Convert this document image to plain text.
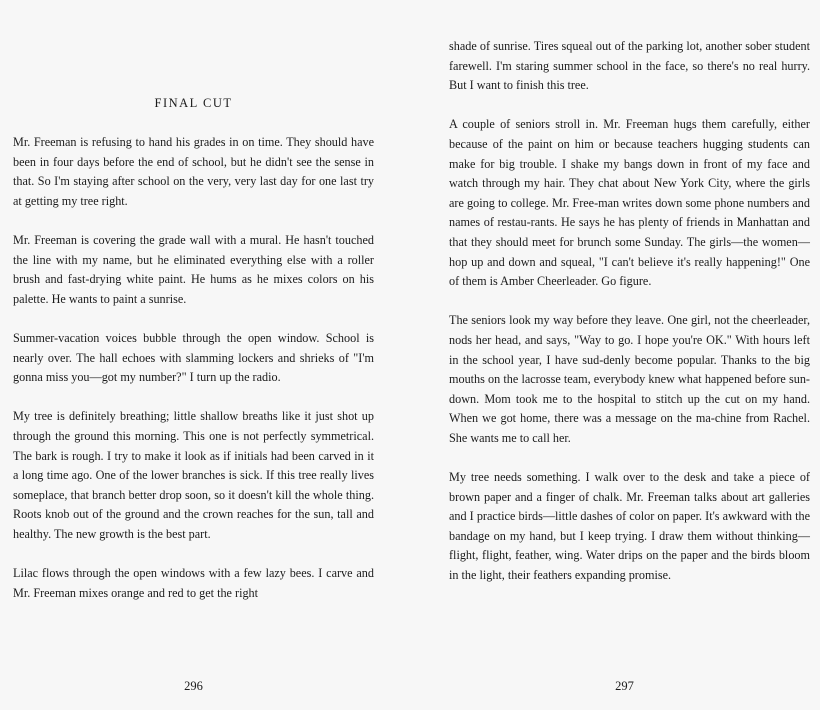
FINAL CUT

Mr. Freeman is refusing to hand his grades in on time. They should have been in four days before the end of school, but he didn't see the sense in that. So I'm staying after school on the very, very last day for one last try at getting my tree right.

Mr. Freeman is covering the grade wall with a mural. He hasn't touched the line with my name, but he eliminated everything else with a roller brush and fast-drying white paint. He hums as he mixes colors on his palette. He wants to paint a sunrise.

Summer-vacation voices bubble through the open window. School is nearly over. The hall echoes with slamming lockers and shrieks of "I'm gonna miss you—got my number?" I turn up the radio.

My tree is definitely breathing; little shallow breaths like it just shot up through the ground this morning. This one is not perfectly symmetrical. The bark is rough. I try to make it look as if initials had been carved in it a long time ago. One of the lower branches is sick. If this tree really lives someplace, that branch better drop soon, so it doesn't kill the whole thing. Roots knob out of the ground and the crown reaches for the sun, tall and healthy. The new growth is the best part.

Lilac flows through the open windows with a few lazy bees. I carve and Mr. Freeman mixes orange and red to get the right

296

shade of sunrise. Tires squeal out of the parking lot, another sober student farewell. I'm staring summer school in the face, so there's no real hurry. But I want to finish this tree.

A couple of seniors stroll in. Mr. Freeman hugs them carefully, either because of the paint on him or because teachers hugging students can make for big trouble. I shake my bangs down in front of my face and watch through my hair. They chat about New York City, where the girls are going to college. Mr. Free-man writes down some phone numbers and names of restau-rants. He says he has plenty of friends in Manhattan and that they should meet for brunch some Sunday. The girls—the women—hop up and down and squeal, "I can't believe it's really happening!" One of them is Amber Cheerleader. Go figure.

The seniors look my way before they leave. One girl, not the cheerleader, nods her head, and says, "Way to go. I hope you're OK." With hours left in the school year, I have sud-denly become popular. Thanks to the big mouths on the lacrosse team, everybody knew what happened before sun-down. Mom took me to the hospital to stitch up the cut on my hand. When we got home, there was a message on the ma-chine from Rachel. She wants me to call her.

My tree needs something. I walk over to the desk and take a piece of brown paper and a finger of chalk. Mr. Freeman talks about art galleries and I practice birds—little dashes of color on paper. It's awkward with the bandage on my hand, but I keep trying. I draw them without thinking—flight, flight, feather, wing. Water drips on the paper and the birds bloom in the light, their feathers expanding promise.

297
